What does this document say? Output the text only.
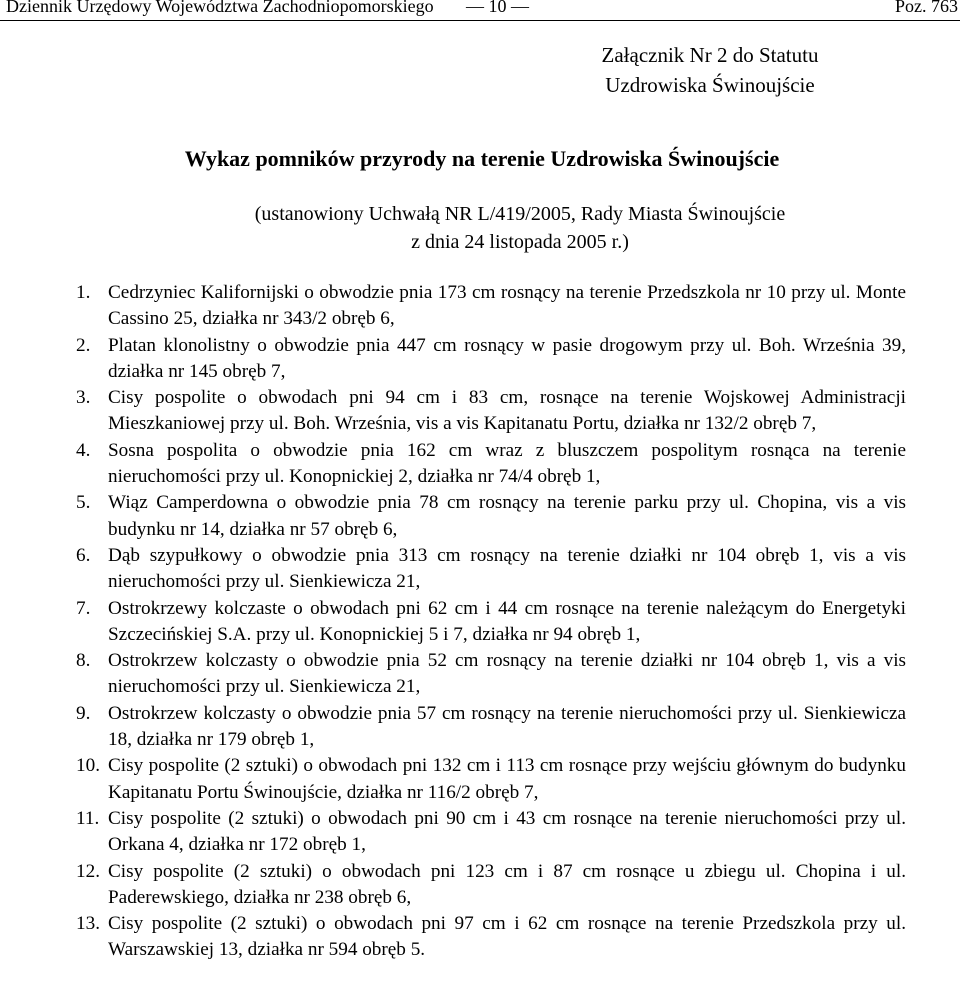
Dziennik Urzędowy Województwa Zachodniopomorskiego — 10 —	Poz. 763
Załącznik Nr 2 do Statutu
Uzdrowiska Świnoujście
Wykaz pomników przyrody na terenie Uzdrowiska Świnoujście
(ustanowiony Uchwałą NR L/419/2005, Rady Miasta Świnoujście
z dnia 24 listopada 2005 r.)
1. Cedrzyniec Kalifornijski o obwodzie pnia 173 cm rosnący na terenie Przedszkola nr 10 przy ul. Monte Cassino 25, działka nr 343/2 obręb 6,
2. Platan klonolistny o obwodzie pnia 447 cm rosnący w pasie drogowym przy ul. Boh. Września 39, działka nr 145 obręb 7,
3. Cisy pospolite o obwodach pni 94 cm i 83 cm, rosnące na terenie Wojskowej Administracji Mieszkaniowej przy ul. Boh. Września, vis a vis Kapitanatu Portu, działka nr 132/2 obręb 7,
4. Sosna pospolita o obwodzie pnia 162 cm wraz z bluszczem pospolitym rosnąca na terenie nieruchomości przy ul. Konopnickiej 2, działka nr 74/4 obręb 1,
5. Wiąz Camperdowna o obwodzie pnia 78 cm rosnący na terenie parku przy ul. Chopina, vis a vis budynku nr 14, działka nr 57 obręb 6,
6. Dąb szypułkowy o obwodzie pnia 313 cm rosnący na terenie działki nr 104 obręb 1, vis a vis nieruchomości przy ul. Sienkiewicza 21,
7. Ostrokrzewy kolczaste o obwodach pni 62 cm i 44 cm rosnące na terenie należącym do Energetyki Szczecińskiej S.A. przy ul. Konopnickiej 5 i 7, działka nr 94 obręb 1,
8. Ostrokrzew kolczasty o obwodzie pnia 52 cm rosnący na terenie działki nr 104 obręb 1, vis a vis nieruchomości przy ul. Sienkiewicza 21,
9. Ostrokrzew kolczasty o obwodzie pnia 57 cm rosnący na terenie nieruchomości przy ul. Sienkiewicza 18, działka nr 179 obręb 1,
10. Cisy pospolite (2 sztuki) o obwodach pni 132 cm i 113 cm rosnące przy wejściu głównym do budynku Kapitanatu Portu Świnoujście, działka nr 116/2 obręb 7,
11. Cisy pospolite (2 sztuki) o obwodach pni 90 cm i 43 cm rosnące na terenie nieruchomości przy ul. Orkana 4, działka nr 172 obręb 1,
12. Cisy pospolite (2 sztuki) o obwodach pni 123 cm i 87 cm rosnące u zbiegu ul. Chopina i ul. Paderewskiego, działka nr 238 obręb 6,
13. Cisy pospolite (2 sztuki) o obwodach pni 97 cm i 62 cm rosnące na terenie Przedszkola przy ul. Warszawskiej 13, działka nr 594 obręb 5.
